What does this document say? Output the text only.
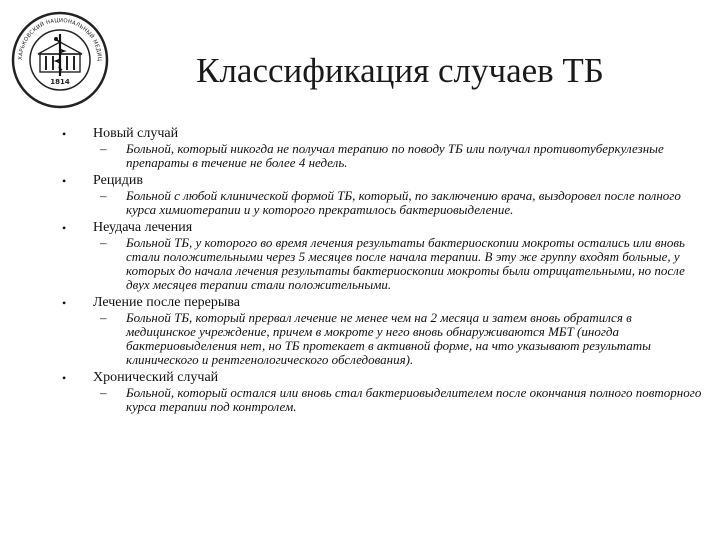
ХАРЬКОВСКИЙ НАЦИОНАЛЬНЫЙ МЕДИЦ
1814	Классификация случаев ТБ
• Новый случай
– Больной, который никогда не получал терапию по поводу ТБ или получал противотуберкулезные препараты в течение не более 4 недель.
• Рецидив
– Больной с любой клинической формой ТБ, который, по заключению врача, выздоровел после полного курса химиотерапии и у которого прекратилось бактериовыделение.
• Неудача лечения
– Больной ТБ, у которого во время лечения результаты бактериоскопии мокроты остались или вновь стали положительными через 5 месяцев после начала терапии. В эту же группу входят больные, у которых до начала лечения результаты бактериоскопии мокроты были отрицательными, но после двух месяцев терапии стали положительными.
• Лечение после перерыва
– Больной ТБ, который прервал лечение не менее чем на 2 месяца и затем вновь обратился в медицинское учреждение, причем в мокроте у него вновь обнаруживаются МБТ (иногда бактериовыделения нет, но ТБ протекает в активной форме, на что указывают результаты клинического и рентгенологического обследования).
• Хронический случай
– Больной, который остался или вновь стал бактериовыделителем после окончания полного повторного курса терапии под контролем.
